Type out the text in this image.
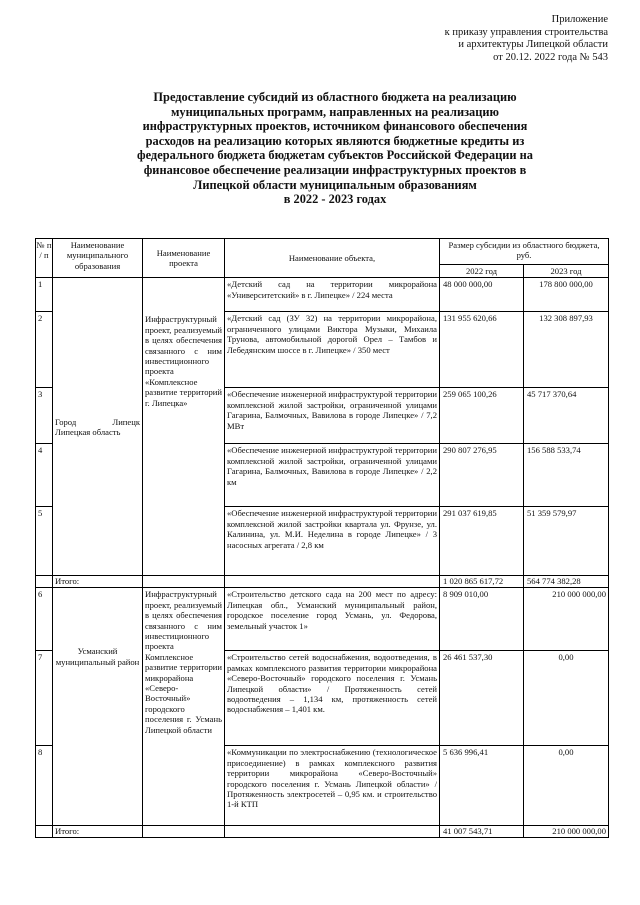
Приложение
к приказу управления строительства
и архитектуры Липецкой области
от 20.12. 2022 года № 543
Предоставление субсидий из областного бюджета на реализацию
муниципальных программ, направленных на реализацию
инфраструктурных проектов, источником финансового обеспечения
расходов на реализацию которых являются бюджетные кредиты из
федерального бюджета бюджетам субъектов Российской Федерации на
финансовое обеспечение реализации инфраструктурных проектов в
Липецкой области муниципальным образованиям
в 2022 - 2023 годах
№ п / п	Наименование муниципального образования	Наименование проекта	Наименование объекта,	Размер субсидии из областного бюджета, руб.	
				2022 год	2023 год
1	Город Липецк Липецкая область	Инфраструктурный проект, реализуемый в целях обеспечения связанного с ним инвестиционного проекта «Комплексное развитие территорий г. Липецка»	«Детский сад на территории микрорайона «Университетский» в г. Липецке» / 224 места	48 000 000,00	178 800 000,00
2			«Детский сад (ЗУ 32) на территории микрорайона, ограниченного улицами Виктора Музыки, Михаила Трунова, автомобильной дорогой Орел – Тамбов и Лебедянским шоссе в г. Липецке» / 350 мест	131 955 620,66	132 308 897,93
3			«Обеспечение инженерной инфраструктурой территории комплексной жилой застройки, ограниченной улицами Гагарина, Балмочных, Вавилова в городе Липецке» / 7,2 МВт	259 065 100,26	45 717 370,64
4			«Обеспечение инженерной инфраструктурой территории комплексной жилой застройки, ограниченной улицами Гагарина, Балмочных, Вавилова в городе Липецке» / 2,2 км	290 807 276,95	156 588 533,74
5			«Обеспечение инженерной инфраструктурой территории комплексной жилой застройки квартала ул. Фрунзе, ул. Калинина, ул. М.И. Неделина в городе Липецке» / 3 насосных агрегата / 2,8 км	291 037 619,85	51 359 579,97
	Итого:			1 020 865 617,72	564 774 382,28
6	Усманский муниципальный район	Инфраструктурный проект, реализуемый в целях обеспечения связанного с ним инвестиционного проекта Комплексное развитие территории микрорайона «Северо-Восточный» городского поселения г. Усмань Липецкой области	«Строительство детского сада на 200 мест по адресу: Липецкая обл., Усманский муниципальный район, городское поселение город Усмань, ул. Федорова, земельный участок 1»	8 909 010,00	210 000 000,00
7			«Строительство сетей водоснабжения, водоотведения, в рамках комплексного развития территории микрорайона «Северо-Восточный» городского поселения г. Усмань Липецкой области» / Протяженность сетей водоотведения – 1,134 км, протяженность сетей водоснабжения – 1,401 км.	26 461 537,30	0,00
8			«Коммуникации по электроснабжению (технологическое присоединение) в рамках комплексного развития территории микрорайона «Северо-Восточный» городского поселения г. Усмань Липецкой области» / Протяженность электросетей – 0,95 км. и строительство 1-й КТП	5 636 996,41	0,00
	Итого:			41 007 543,71	210 000 000,00
